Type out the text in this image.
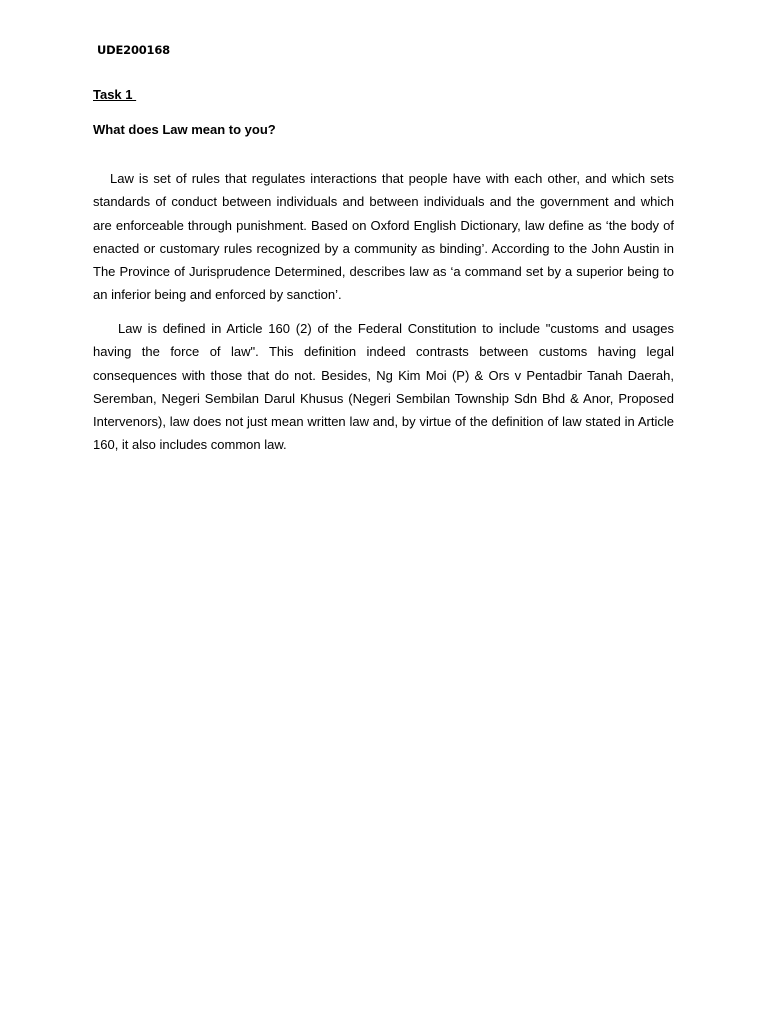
UDE200168
Task 1
What does Law mean to you?

Law is set of rules that regulates interactions that people have with each other, and which sets standards of conduct between individuals and between individuals and the government and which are enforceable through punishment. Based on Oxford English Dictionary, law define as ‘the body of enacted or customary rules recognized by a community as binding’. According to the John Austin in The Province of Jurisprudence Determined, describes law as ‘a command set by a superior being to an inferior being and enforced by sanction’.

Law is defined in Article 160 (2) of the Federal Constitution to include "customs and usages having the force of law". This definition indeed contrasts between customs having legal consequences with those that do not. Besides, Ng Kim Moi (P) & Ors v Pentadbir Tanah Daerah, Seremban, Negeri Sembilan Darul Khusus (Negeri Sembilan Township Sdn Bhd & Anor, Proposed Intervenors), law does not just mean written law and, by virtue of the definition of law stated in Article 160, it also includes common law.
